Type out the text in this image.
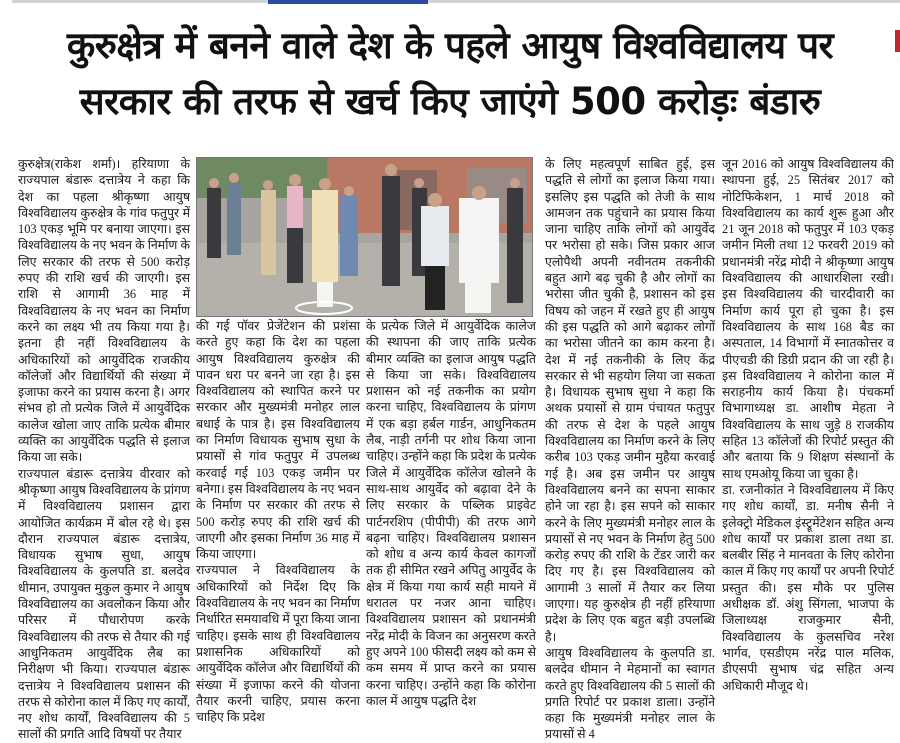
कुरुक्षेत्र में बनने वाले देश के पहले आयुष विश्वविद्यालय पर
सरकार की तरफ से खर्च किए जाएंगे 500 करोड़ः बंडारु

कुरुक्षेत्र(राकेश शर्मा)। हरियाणा के राज्यपाल बंडारू दत्तात्रेय ने कहा कि देश का पहला श्रीकृष्णा आयुष विश्वविद्यालय कुरुक्षेत्र के गांव फतुपुर में 103 एकड़ भूमि पर बनाया जाएगा। इस विश्वविद्यालय के नए भवन के निर्माण के लिए सरकार की तरफ से 500 करोड़ रुपए की राशि खर्च की जाएगी। इस राशि से आगामी 36 माह में विश्वविद्यालय के नए भवन का निर्माण करने का लक्ष्य भी तय किया गया है। इतना ही नहीं विश्वविद्यालय के अधिकारियों को आयुर्वेदिक राजकीय कॉलेजों और विद्यार्थियों की संख्या में इजाफा करने का प्रयास करना है। अगर संभव हो तो प्रत्येक जिले में आयुर्वेदिक कालेज खोला जाए ताकि प्रत्येक बीमार व्यक्ति का आयुर्वेदिक पद्धति से इलाज किया जा सके।

राज्यपाल बंडारू दत्तात्रेय वीरवार को श्रीकृष्णा आयुष विश्वविद्यालय के प्रांगण में विश्वविद्यालय प्रशासन द्वारा आयोजित कार्यक्रम में बोल रहे थे। इस दौरान राज्यपाल बंडारू दत्तात्रेय, विधायक सुभाष सुधा, आयुष विश्वविद्यालय के कुलपति डा. बलदेव धीमान, उपायुक्त मुकुल कुमार ने आयुष विश्वविद्यालय का अवलोकन किया और परिसर में पौधारोपण करके विश्वविद्यालय की तरफ से तैयार की गई आधुनिकतम आयुर्वेदिक लैब का निरीक्षण भी किया। राज्यपाल बंडारू दत्तात्रेय ने विश्वविद्यालय प्रशासन की तरफ से कोरोना काल में किए गए कार्यों, नए शोध कार्यों, विश्वविद्यालय की 5 सालों की प्रगति आदि विषयों पर तैयार

की गई पॉवर प्रेजेंटेशन की प्रशंसा करते हुए कहा कि देश का पहला आयुष विश्वविद्यालय कुरुक्षेत्र की पावन धरा पर बनने जा रहा है। इस विश्वविद्यालय को स्थापित करने पर सरकार और मुख्यमंत्री मनोहर लाल बधाई के पात्र है। इस विश्वविद्यालय का निर्माण विधायक सुभाष सुधा के प्रयासों से गांव फतुपुर में उपलब्ध करवाई गई 103 एकड़ जमीन पर बनेगा। इस विश्वविद्यालय के नए भवन के निर्माण पर सरकार की तरफ से 500 करोड़ रुपए की राशि खर्च की जाएगी और इसका निर्माण 36 माह में किया जाएगा।

राज्यपाल ने विश्वविद्यालय के अधिकारियों को निर्देश दिए कि विश्वविद्यालय के नए भवन का निर्माण निर्धारित समयावधि में पूरा किया जाना चाहिए। इसके साथ ही विश्वविद्यालय प्रशासनिक अधिकारियों को आयुर्वेदिक कॉलेज और विद्यार्थियों की संख्या में इजाफा करने की योजना तैयार करनी चाहिए, प्रयास करना चाहिए कि प्रदेश

के प्रत्येक जिले में आयुर्वेदिक कालेज की स्थापना की जाए ताकि प्रत्येक बीमार व्यक्ति का इलाज आयुष पद्धति से किया जा सके। विश्वविद्यालय प्रशासन को नई तकनीक का प्रयोग करना चाहिए, विश्वविद्यालय के प्रांगण में एक बड़ा हर्बल गार्डन, आधुनिकतम लैब, नाड़ी तर्गनी पर शोध किया जाना चाहिए। उन्होंने कहा कि प्रदेश के प्रत्येक जिले में आयुर्वेदिक कॉलेज खोलने के साथ-साथ आयुर्वेद को बढ़ावा देने के लिए सरकार के पब्लिक प्राइवेट पार्टनरशिप (पीपीपी) की तरफ आगे बढ़ना चाहिए। विश्वविद्यालय प्रशासन को शोध व अन्य कार्य केवल कागजों तक ही सीमित रखने अपितु आयुर्वेद के क्षेत्र में किया गया कार्य सही मायने में धरातल पर नजर आना चाहिए। विश्वविद्यालय प्रशासन को प्रधानमंत्री नरेंद्र मोदी के विजन का अनुसरण करते हुए अपने 100 फीसदी लक्ष्य को कम से कम समय में प्राप्त करने का प्रयास करना चाहिए। उन्होंने कहा कि कोरोना काल में आयुष पद्धति देश

के लिए महत्वपूर्ण साबित हुई, इस पद्धति से लोगों का इलाज किया गया। इसलिए इस पद्धति को तेजी के साथ आमजन तक पहुंचाने का प्रयास किया जाना चाहिए ताकि लोगों को आयुर्वेद पर भरोसा हो सके। जिस प्रकार आज एलोपैथी अपनी नवीनतम तकनीकी बहुत आगे बढ़ चुकी है और लोगों का भरोसा जीत चुकी है, प्रशासन को इस विषय को जहन में रखते हुए ही आयुष की इस पद्धति को आगे बढ़ाकर लोगों का भरोसा जीतने का काम करना है। देश में नई तकनीकी के लिए केंद्र सरकार से भी सहयोग लिया जा सकता है। विधायक सुभाष सुधा ने कहा कि अथक प्रयासों से ग्राम पंचायत फतुपुर की तरफ से देश के पहले आयुष विश्वविद्यालय का निर्माण करने के लिए करीब 103 एकड़ जमीन मुहैया करवाई गई है। अब इस जमीन पर आयुष विश्वविद्यालय बनने का सपना साकार होने जा रहा है। इस सपने को साकार करने के लिए मुख्यमंत्री मनोहर लाल के प्रयासों से नए भवन के निर्माण हेतु 500 करोड़ रुपए की राशि के टेंडर जारी कर दिए गए है। इस विश्वविद्यालय को आगामी 3 सालों में तैयार कर लिया जाएगा। यह कुरुक्षेत्र ही नहीं हरियाणा प्रदेश के लिए एक बहुत बड़ी उपलब्धि है।

आयुष विश्वविद्यालय के कुलपति डा. बलदेव धीमान ने मेहमानों का स्वागत करते हुए विश्वविद्यालय की 5 सालों की प्रगति रिपोर्ट पर प्रकाश डाला। उन्होंने कहा कि मुख्यमंत्री मनोहर लाल के प्रयासों से 4

जून 2016 को आयुष विश्वविद्यालय की स्थापना हुई, 25 सितंबर 2017 को नोटिफिकेशन, 1 मार्च 2018 को विश्वविद्यालय का कार्य शुरू हुआ और 21 जून 2018 को फतुपुर में 103 एकड़ जमीन मिली तथा 12 फरवरी 2019 को प्रधानमंत्री नरेंद्र मोदी ने श्रीकृष्णा आयुष विश्वविद्यालय की आधारशिला रखी। इस विश्वविद्यालय की चारदीवारी का निर्माण कार्य पूरा हो चुका है। इस विश्वविद्यालय के साथ 168 बैड का अस्पताल, 14 विभागों में स्नातकोत्तर व पीएचडी की डिग्री प्रदान की जा रही है। इस विश्वविद्यालय ने कोरोना काल में सराहनीय कार्य किया है। पंचकर्मा विभागाध्यक्ष डा. आशीष मेहता ने विश्वविद्यालय के साथ जुड़े 8 राजकीय सहित 13 कॉलेजों की रिपोर्ट प्रस्तुत की और बताया कि 9 शिक्षण संस्थानों के साथ एमओयू किया जा चुका है।

डा. रजनीकांत ने विश्वविद्यालय में किए गए शोध कार्यों, डा. मनीष सैनी ने इलेक्ट्रो मेडिकल इंस्ट्रूमेंटेशन सहित अन्य शोध कार्यों पर प्रकाश डाला तथा डा. बलबीर सिंह ने मानवता के लिए कोरोना काल में किए गए कार्यों पर अपनी रिपोर्ट प्रस्तुत की। इस मौके पर पुलिस अधीक्षक डॉ. अंशु सिंगला, भाजपा के जिलाध्यक्ष राजकुमार सैनी, विश्वविद्यालय के कुलसचिव नरेश भार्गव, एसडीएम नरेंद्र पाल मलिक, डीएसपी सुभाष चंद्र सहित अन्य अधिकारी मौजूद थे।
